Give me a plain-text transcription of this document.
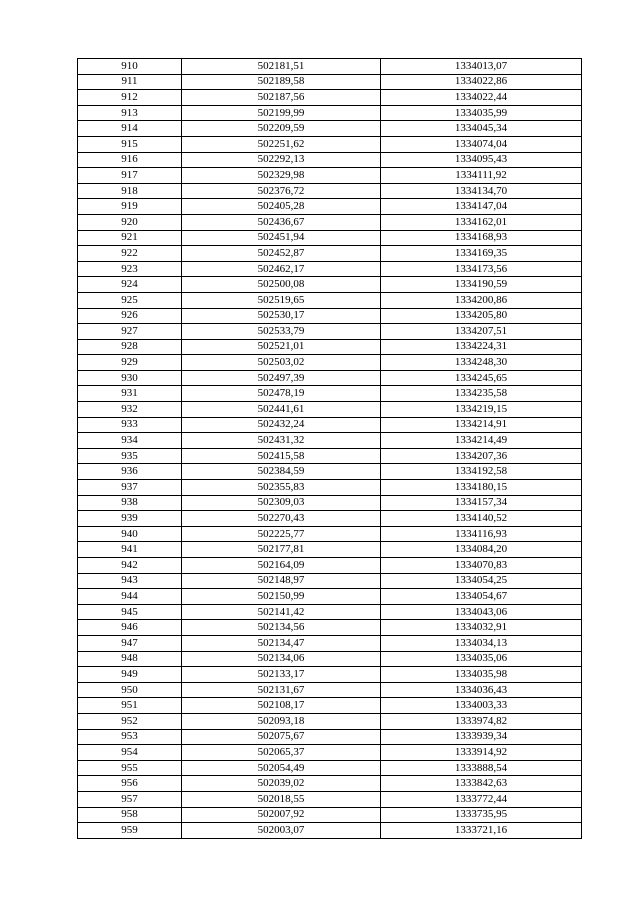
910	502181,51	1334013,07
911	502189,58	1334022,86
912	502187,56	1334022,44
913	502199,99	1334035,99
914	502209,59	1334045,34
915	502251,62	1334074,04
916	502292,13	1334095,43
917	502329,98	1334111,92
918	502376,72	1334134,70
919	502405,28	1334147,04
920	502436,67	1334162,01
921	502451,94	1334168,93
922	502452,87	1334169,35
923	502462,17	1334173,56
924	502500,08	1334190,59
925	502519,65	1334200,86
926	502530,17	1334205,80
927	502533,79	1334207,51
928	502521,01	1334224,31
929	502503,02	1334248,30
930	502497,39	1334245,65
931	502478,19	1334235,58
932	502441,61	1334219,15
933	502432,24	1334214,91
934	502431,32	1334214,49
935	502415,58	1334207,36
936	502384,59	1334192,58
937	502355,83	1334180,15
938	502309,03	1334157,34
939	502270,43	1334140,52
940	502225,77	1334116,93
941	502177,81	1334084,20
942	502164,09	1334070,83
943	502148,97	1334054,25
944	502150,99	1334054,67
945	502141,42	1334043,06
946	502134,56	1334032,91
947	502134,47	1334034,13
948	502134,06	1334035,06
949	502133,17	1334035,98
950	502131,67	1334036,43
951	502108,17	1334003,33
952	502093,18	1333974,82
953	502075,67	1333939,34
954	502065,37	1333914,92
955	502054,49	1333888,54
956	502039,02	1333842,63
957	502018,55	1333772,44
958	502007,92	1333735,95
959	502003,07	1333721,16
